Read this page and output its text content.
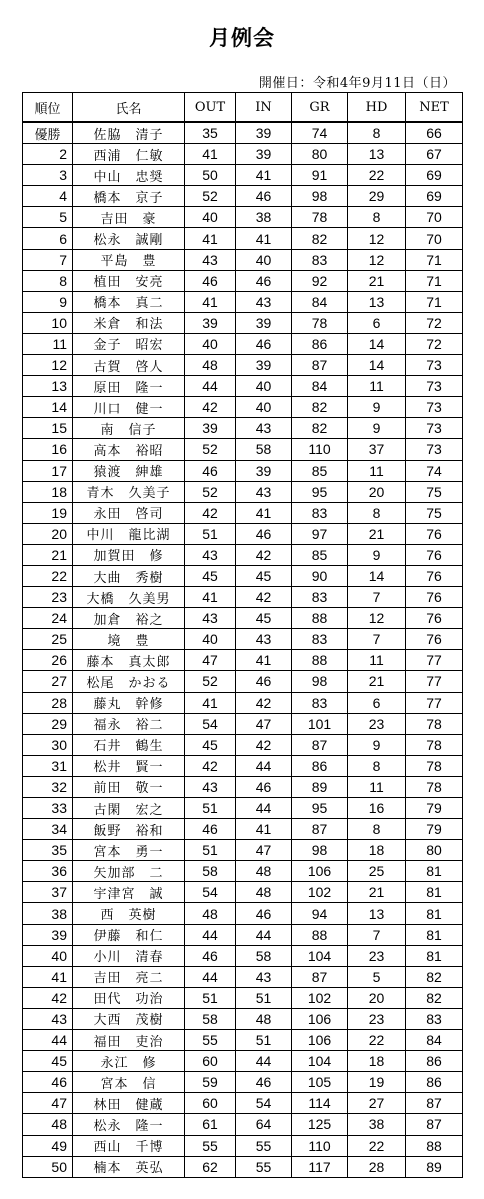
月例会
開催日：令和4年9月11日（日）
順位	氏名	OUT	IN	GR	HD	NET
優勝	佐脇　清子	35	39	74	8	66
2	西浦　仁敏	41	39	80	13	67
3	中山　忠奨	50	41	91	22	69
4	橋本　京子	52	46	98	29	69
5	吉田　豪	40	38	78	8	70
6	松永　誠剛	41	41	82	12	70
7	平島　豊	43	40	83	12	71
8	植田　安亮	46	46	92	21	71
9	橋本　真二	41	43	84	13	71
10	米倉　和法	39	39	78	6	72
11	金子　昭宏	40	46	86	14	72
12	古賀　啓人	48	39	87	14	73
13	原田　隆一	44	40	84	11	73
14	川口　健一	42	40	82	9	73
15	南　信子	39	43	82	9	73
16	高本　裕昭	52	58	110	37	73
17	猿渡　紳雄	46	39	85	11	74
18	青木　久美子	52	43	95	20	75
19	永田　啓司	42	41	83	8	75
20	中川　龍比湖	51	46	97	21	76
21	加賀田　修	43	42	85	9	76
22	大曲　秀樹	45	45	90	14	76
23	大橋　久美男	41	42	83	7	76
24	加倉　裕之	43	45	88	12	76
25	境　豊	40	43	83	7	76
26	藤本　真太郎	47	41	88	11	77
27	松尾　かおる	52	46	98	21	77
28	藤丸　幹修	41	42	83	6	77
29	福永　裕二	54	47	101	23	78
30	石井　鶴生	45	42	87	9	78
31	松井　賢一	42	44	86	8	78
32	前田　敬一	43	46	89	11	78
33	古閑　宏之	51	44	95	16	79
34	飯野　裕和	46	41	87	8	79
35	宮本　勇一	51	47	98	18	80
36	矢加部　二	58	48	106	25	81
37	宇津宮　誠	54	48	102	21	81
38	西　英樹	48	46	94	13	81
39	伊藤　和仁	44	44	88	7	81
40	小川　清春	46	58	104	23	81
41	吉田　亮二	44	43	87	5	82
42	田代　功治	51	51	102	20	82
43	大西　茂樹	58	48	106	23	83
44	福田　吏治	55	51	106	22	84
45	永江　修	60	44	104	18	86
46	宮本　信	59	46	105	19	86
47	林田　健蔵	60	54	114	27	87
48	松永　隆一	61	64	125	38	87
49	西山　千博	55	55	110	22	88
50	楠本　英弘	62	55	117	28	89
